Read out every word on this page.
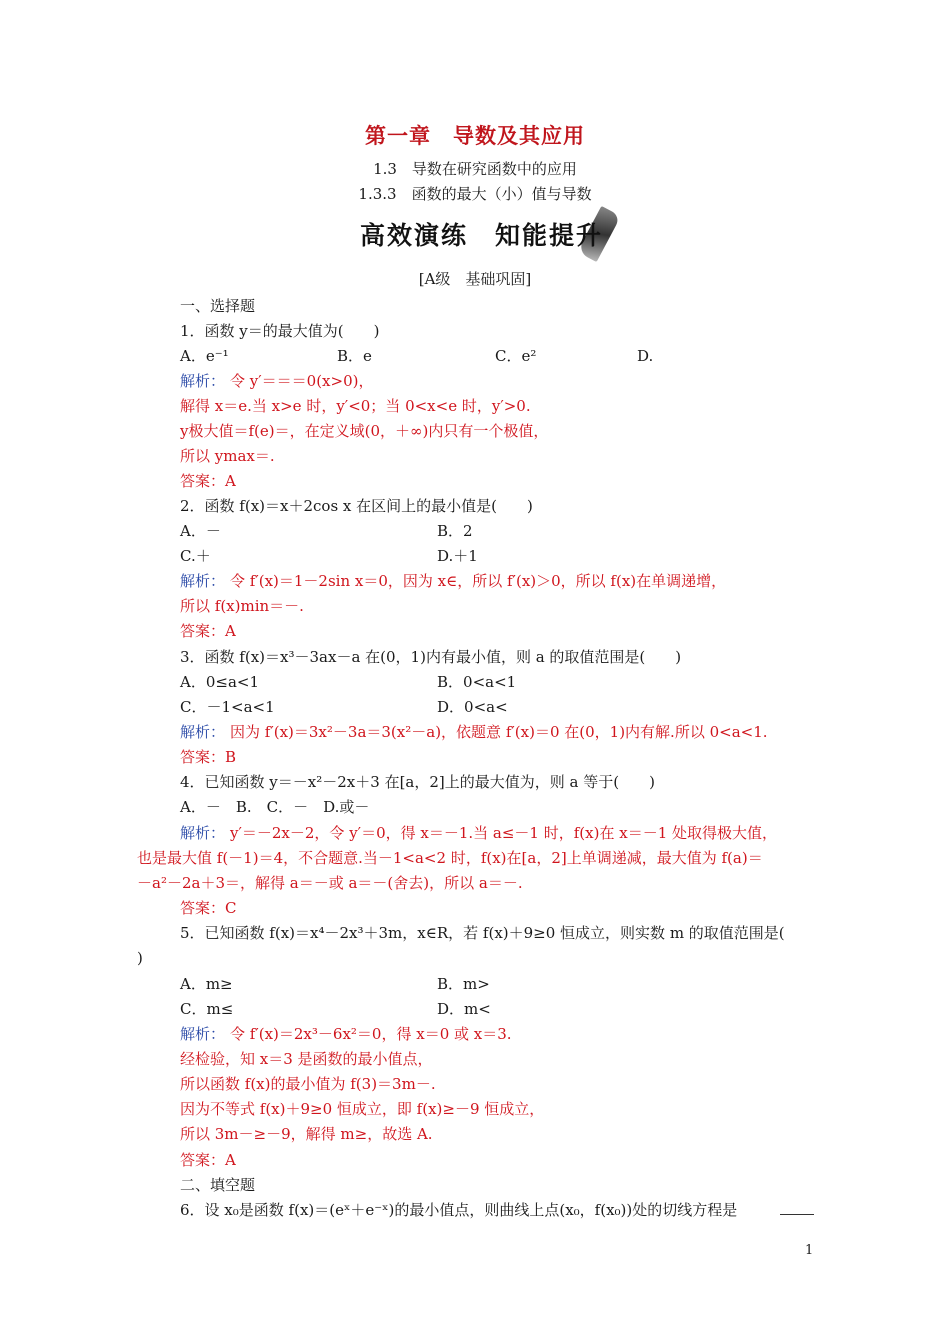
第一章　导数及其应用
1.3　导数在研究函数中的应用
1.3.3　函数的最大（小）值与导数
高效演练　知能提升
[A级　基础巩固]
一、选择题
1．函数 y＝的最大值为(　　)
A．e⁻¹	B．e	C．e²	D.
解析： 令 y′＝＝＝0(x>0)，
解得 x＝e.当 x>e 时，y′<0；当 0<x<e 时，y′>0.
y极大值＝f(e)＝，在定义域(0，＋∞)内只有一个极值，
所以 ymax＝.
答案：A
2．函数 f(x)＝x＋2cos x 在区间上的最小值是(　　)
A．－	B．2
C.＋	D.＋1
解析： 令 f′(x)＝1－2sin x＝0，因为 x∈，所以 f′(x)＞0，所以 f(x)在单调递增，
所以 f(x)min＝－.
答案：A
3．函数 f(x)＝x³－3ax－a 在(0，1)内有最小值，则 a 的取值范围是(　　)
A．0≤a<1	B．0<a<1
C．－1<a<1	D．0<a<
解析： 因为 f′(x)＝3x²－3a＝3(x²－a)，依题意 f′(x)＝0 在(0，1)内有解.所以 0<a<1.
答案：B
4．已知函数 y＝－x²－2x＋3 在[a，2]上的最大值为，则 a 等于(　　)
A．－　B.　C．－　D.或－
解析： y′＝－2x－2，令 y′＝0，得 x＝－1.当 a≤－1 时，f(x)在 x＝－1 处取得极大值，
也是最大值 f(－1)＝4，不合题意.当－1<a<2 时，f(x)在[a，2]上单调递减，最大值为 f(a)＝
－a²－2a＋3＝，解得 a＝－或 a＝－(舍去)，所以 a＝－.
答案：C
5．已知函数 f(x)＝x⁴－2x³＋3m，x∈R，若 f(x)＋9≥0 恒成立，则实数 m 的取值范围是(
)
A．m≥	B．m>
C．m≤	D．m<
解析： 令 f′(x)＝2x³－6x²＝0，得 x＝0 或 x＝3.
经检验，知 x＝3 是函数的最小值点，
所以函数 f(x)的最小值为 f(3)＝3m－.
因为不等式 f(x)＋9≥0 恒成立，即 f(x)≥－9 恒成立，
所以 3m－≥－9，解得 m≥，故选 A.
答案：A
二、填空题
6．设 x₀是函数 f(x)＝(eˣ＋e⁻ˣ)的最小值点，则曲线上点(x₀，f(x₀))处的切线方程是
1
